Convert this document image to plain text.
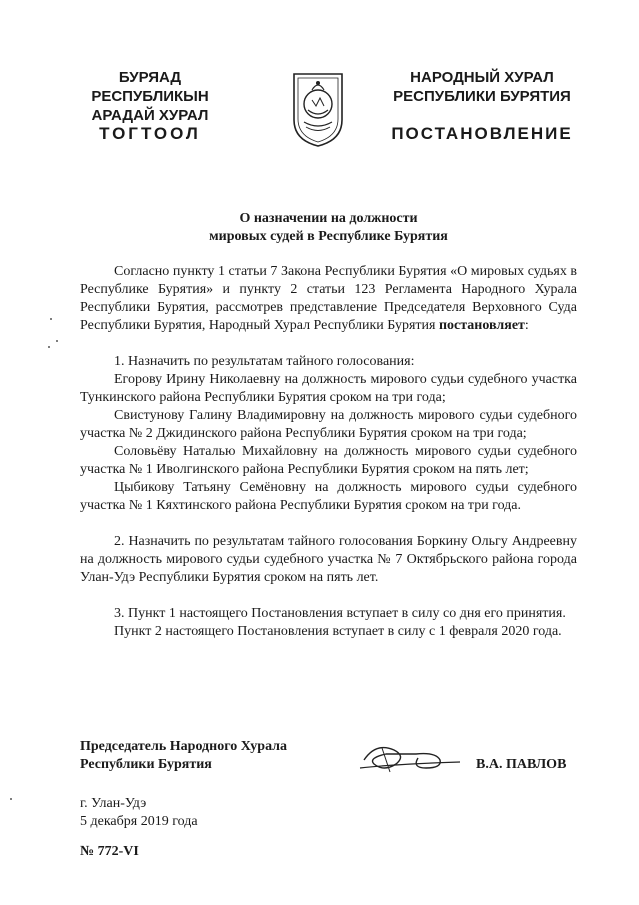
БУРЯАД РЕСПУБЛИКЫН
АРАДАЙ ХУРАЛ
ТОГТООЛ
НАРОДНЫЙ ХУРАЛ
РЕСПУБЛИКИ БУРЯТИЯ
ПОСТАНОВЛЕНИЕ
О назначении на должности
мировых судей в Республике Бурятия

Согласно пункту 1 статьи 7 Закона Республики Бурятия «О мировых судьях в Республике Бурятия» и пункту 2 статьи 123 Регламента Народного Хурала Республики Бурятия, рассмотрев представление Председателя Верховного Суда Республики Бурятия, Народный Хурал Республики Бурятия постановляет:

1. Назначить по результатам тайного голосования:

Егорову Ирину Николаевну на должность мирового судьи судебного участка Тункинского района Республики Бурятия сроком на три года;

Свистунову Галину Владимировну на должность мирового судьи судебного участка № 2 Джидинского района Республики Бурятия сроком на три года;

Соловьёву Наталью Михайловну на должность мирового судьи судебного участка № 1 Иволгинского района Республики Бурятия сроком на пять лет;

Цыбикову Татьяну Семёновну на должность мирового судьи судебного участка № 1 Кяхтинского района Республики Бурятия сроком на три года.

2. Назначить по результатам тайного голосования Боркину Ольгу Андреевну на должность мирового судьи судебного участка № 7 Октябрьского района города Улан-Удэ Республики Бурятия сроком на пять лет.

3. Пункт 1 настоящего Постановления вступает в силу со дня его принятия.

Пункт 2 настоящего Постановления вступает в силу с 1 февраля 2020 года.

Председатель Народного Хурала
Республики Бурятия	В.А. ПАВЛОВ
г. Улан-Удэ
5 декабря 2019 года
№ 772-VI
